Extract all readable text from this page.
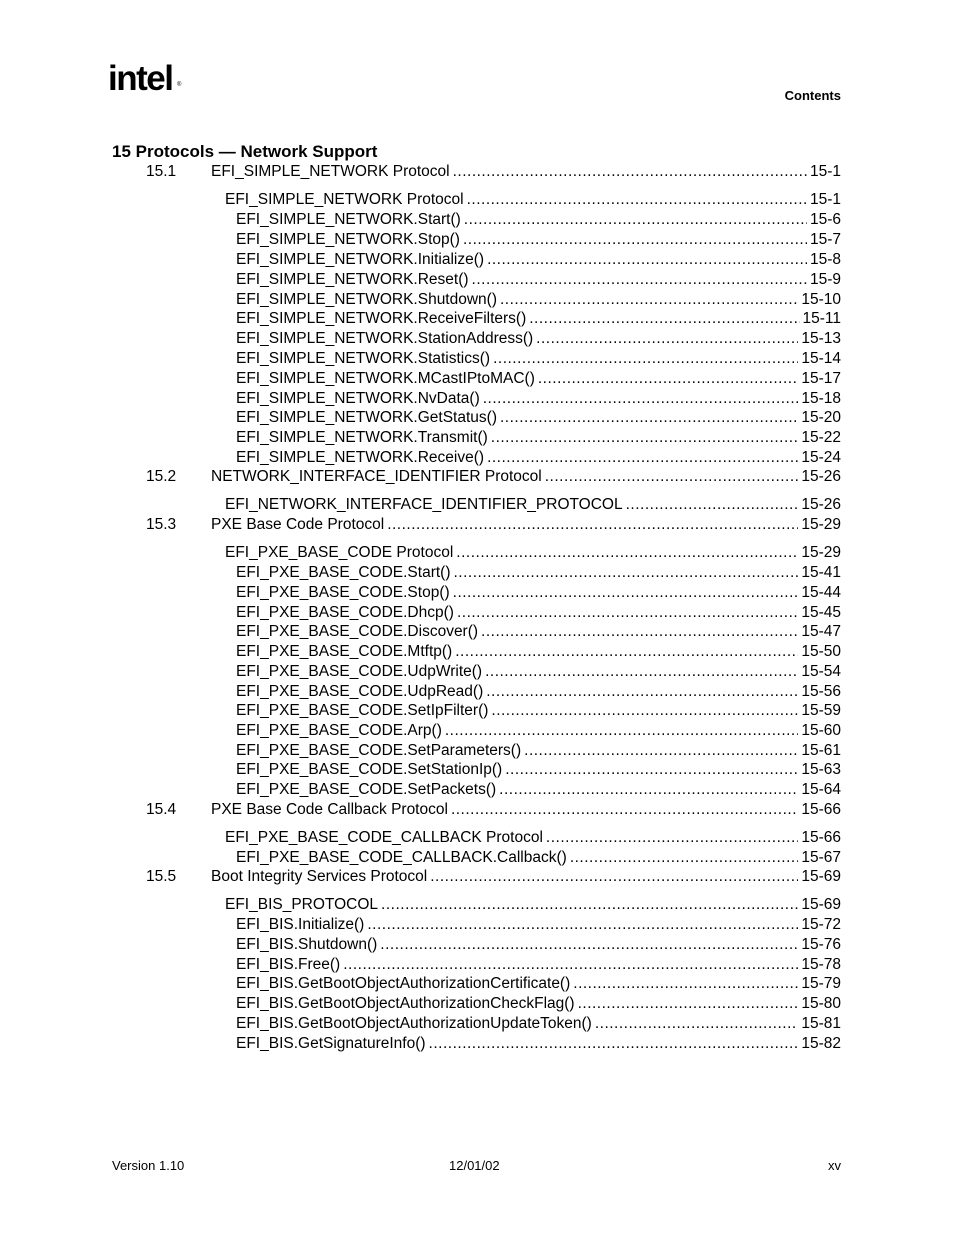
intel ®
Contents
15 Protocols — Network Support
15.1 EFI_SIMPLE_NETWORK Protocol .....	15-1
EFI_SIMPLE_NETWORK Protocol .....	15-1
EFI_SIMPLE_NETWORK.Start() .....	15-6
EFI_SIMPLE_NETWORK.Stop() .....	15-7
EFI_SIMPLE_NETWORK.Initialize() .....	15-8
EFI_SIMPLE_NETWORK.Reset() .....	15-9
EFI_SIMPLE_NETWORK.Shutdown() .....	15-10
EFI_SIMPLE_NETWORK.ReceiveFilters() .....	15-11
EFI_SIMPLE_NETWORK.StationAddress() .....	15-13
EFI_SIMPLE_NETWORK.Statistics() .....	15-14
EFI_SIMPLE_NETWORK.MCastIPtoMAC() .....	15-17
EFI_SIMPLE_NETWORK.NvData() .....	15-18
EFI_SIMPLE_NETWORK.GetStatus() .....	15-20
EFI_SIMPLE_NETWORK.Transmit() .....	15-22
EFI_SIMPLE_NETWORK.Receive() .....	15-24
15.2 NETWORK_INTERFACE_IDENTIFIER Protocol .....	15-26
EFI_NETWORK_INTERFACE_IDENTIFIER_PROTOCOL .....	15-26
15.3 PXE Base Code Protocol .....	15-29
EFI_PXE_BASE_CODE Protocol .....	15-29
EFI_PXE_BASE_CODE.Start() .....	15-41
EFI_PXE_BASE_CODE.Stop() .....	15-44
EFI_PXE_BASE_CODE.Dhcp() .....	15-45
EFI_PXE_BASE_CODE.Discover() .....	15-47
EFI_PXE_BASE_CODE.Mtftp() .....	15-50
EFI_PXE_BASE_CODE.UdpWrite() .....	15-54
EFI_PXE_BASE_CODE.UdpRead() .....	15-56
EFI_PXE_BASE_CODE.SetIpFilter() .....	15-59
EFI_PXE_BASE_CODE.Arp() .....	15-60
EFI_PXE_BASE_CODE.SetParameters() .....	15-61
EFI_PXE_BASE_CODE.SetStationIp() .....	15-63
EFI_PXE_BASE_CODE.SetPackets() .....	15-64
15.4 PXE Base Code Callback Protocol .....	15-66
EFI_PXE_BASE_CODE_CALLBACK Protocol .....	15-66
EFI_PXE_BASE_CODE_CALLBACK.Callback() .....	15-67
15.5 Boot Integrity Services Protocol .....	15-69
EFI_BIS_PROTOCOL .....	15-69
EFI_BIS.Initialize() .....	15-72
EFI_BIS.Shutdown() .....	15-76
EFI_BIS.Free() .....	15-78
EFI_BIS.GetBootObjectAuthorizationCertificate() .....	15-79
EFI_BIS.GetBootObjectAuthorizationCheckFlag() .....	15-80
EFI_BIS.GetBootObjectAuthorizationUpdateToken() .....	15-81
EFI_BIS.GetSignatureInfo() .....	15-82
Version 1.10	12/01/02	xv
